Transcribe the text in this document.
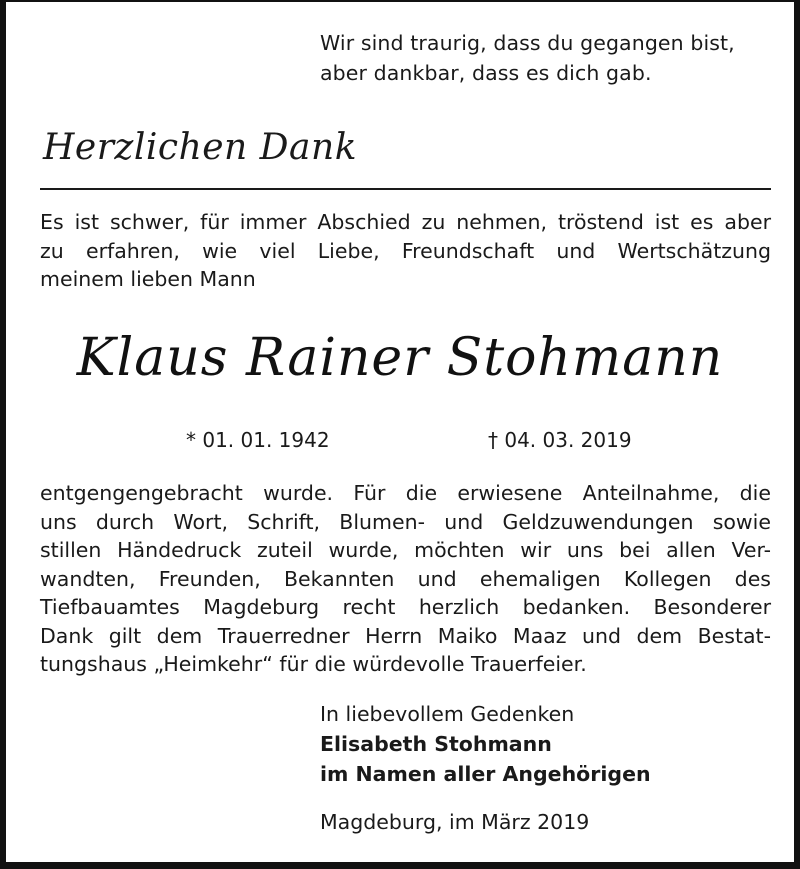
Wir sind traurig, dass du gegangen bist,
aber dankbar, dass es dich gab.
Herzlichen Dank
Es ist schwer, für immer Abschied zu nehmen, tröstend ist es aber
zu erfahren, wie viel Liebe, Freundschaft und Wertschätzung
meinem lieben Mann
Klaus Rainer Stohmann
* 01. 01. 1942	† 04. 03. 2019
entgengengebracht wurde. Für die erwiesene Anteilnahme, die
uns durch Wort, Schrift, Blumen- und Geldzuwendungen sowie
stillen Händedruck zuteil wurde, möchten wir uns bei allen Ver-
wandten, Freunden, Bekannten und ehemaligen Kollegen des
Tiefbauamtes Magdeburg recht herzlich bedanken. Besonderer
Dank gilt dem Trauerredner Herrn Maiko Maaz und dem Bestat-
tungshaus „Heimkehr“ für die würdevolle Trauerfeier.
In liebevollem Gedenken
Elisabeth Stohmann
im Namen aller Angehörigen
Magdeburg, im März 2019
